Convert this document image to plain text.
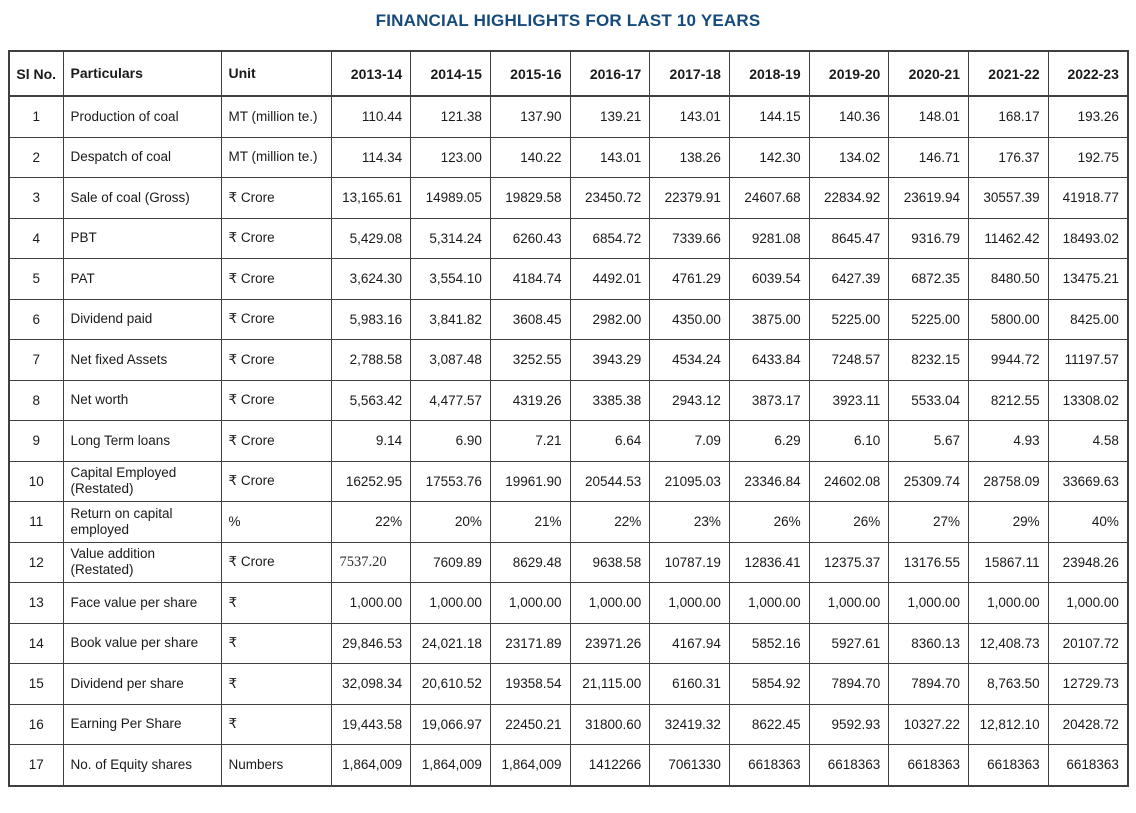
FINANCIAL HIGHLIGHTS FOR LAST 10 YEARS
Sl No.	Particulars	Unit	2013-14	2014-15	2015-16	2016-17	2017-18	2018-19	2019-20	2020-21	2021-22	2022-23
1	Production of coal	MT (million te.)	110.44	121.38	137.90	139.21	143.01	144.15	140.36	148.01	168.17	193.26
2	Despatch of coal	MT (million te.)	114.34	123.00	140.22	143.01	138.26	142.30	134.02	146.71	176.37	192.75
3	Sale of coal (Gross)	₹ Crore	13,165.61	14989.05	19829.58	23450.72	22379.91	24607.68	22834.92	23619.94	30557.39	41918.77
4	PBT	₹ Crore	5,429.08	5,314.24	6260.43	6854.72	7339.66	9281.08	8645.47	9316.79	11462.42	18493.02
5	PAT	₹ Crore	3,624.30	3,554.10	4184.74	4492.01	4761.29	6039.54	6427.39	6872.35	8480.50	13475.21
6	Dividend paid	₹ Crore	5,983.16	3,841.82	3608.45	2982.00	4350.00	3875.00	5225.00	5225.00	5800.00	8425.00
7	Net fixed Assets	₹ Crore	2,788.58	3,087.48	3252.55	3943.29	4534.24	6433.84	7248.57	8232.15	9944.72	11197.57
8	Net worth	₹ Crore	5,563.42	4,477.57	4319.26	3385.38	2943.12	3873.17	3923.11	5533.04	8212.55	13308.02
9	Long Term loans	₹ Crore	9.14	6.90	7.21	6.64	7.09	6.29	6.10	5.67	4.93	4.58
10	Capital Employed (Restated)	₹ Crore	16252.95	17553.76	19961.90	20544.53	21095.03	23346.84	24602.08	25309.74	28758.09	33669.63
11	Return on capital employed	%	22%	20%	21%	22%	23%	26%	26%	27%	29%	40%
12	Value addition (Restated)	₹ Crore	7537.20	7609.89	8629.48	9638.58	10787.19	12836.41	12375.37	13176.55	15867.11	23948.26
13	Face value per share	₹	1,000.00	1,000.00	1,000.00	1,000.00	1,000.00	1,000.00	1,000.00	1,000.00	1,000.00	1,000.00
14	Book value per share	₹	29,846.53	24,021.18	23171.89	23971.26	4167.94	5852.16	5927.61	8360.13	12,408.73	20107.72
15	Dividend per share	₹	32,098.34	20,610.52	19358.54	21,115.00	6160.31	5854.92	7894.70	7894.70	8,763.50	12729.73
16	Earning Per Share	₹	19,443.58	19,066.97	22450.21	31800.60	32419.32	8622.45	9592.93	10327.22	12,812.10	20428.72
17	No. of Equity shares	Numbers	1,864,009	1,864,009	1,864,009	1412266	7061330	6618363	6618363	6618363	6618363	6618363
